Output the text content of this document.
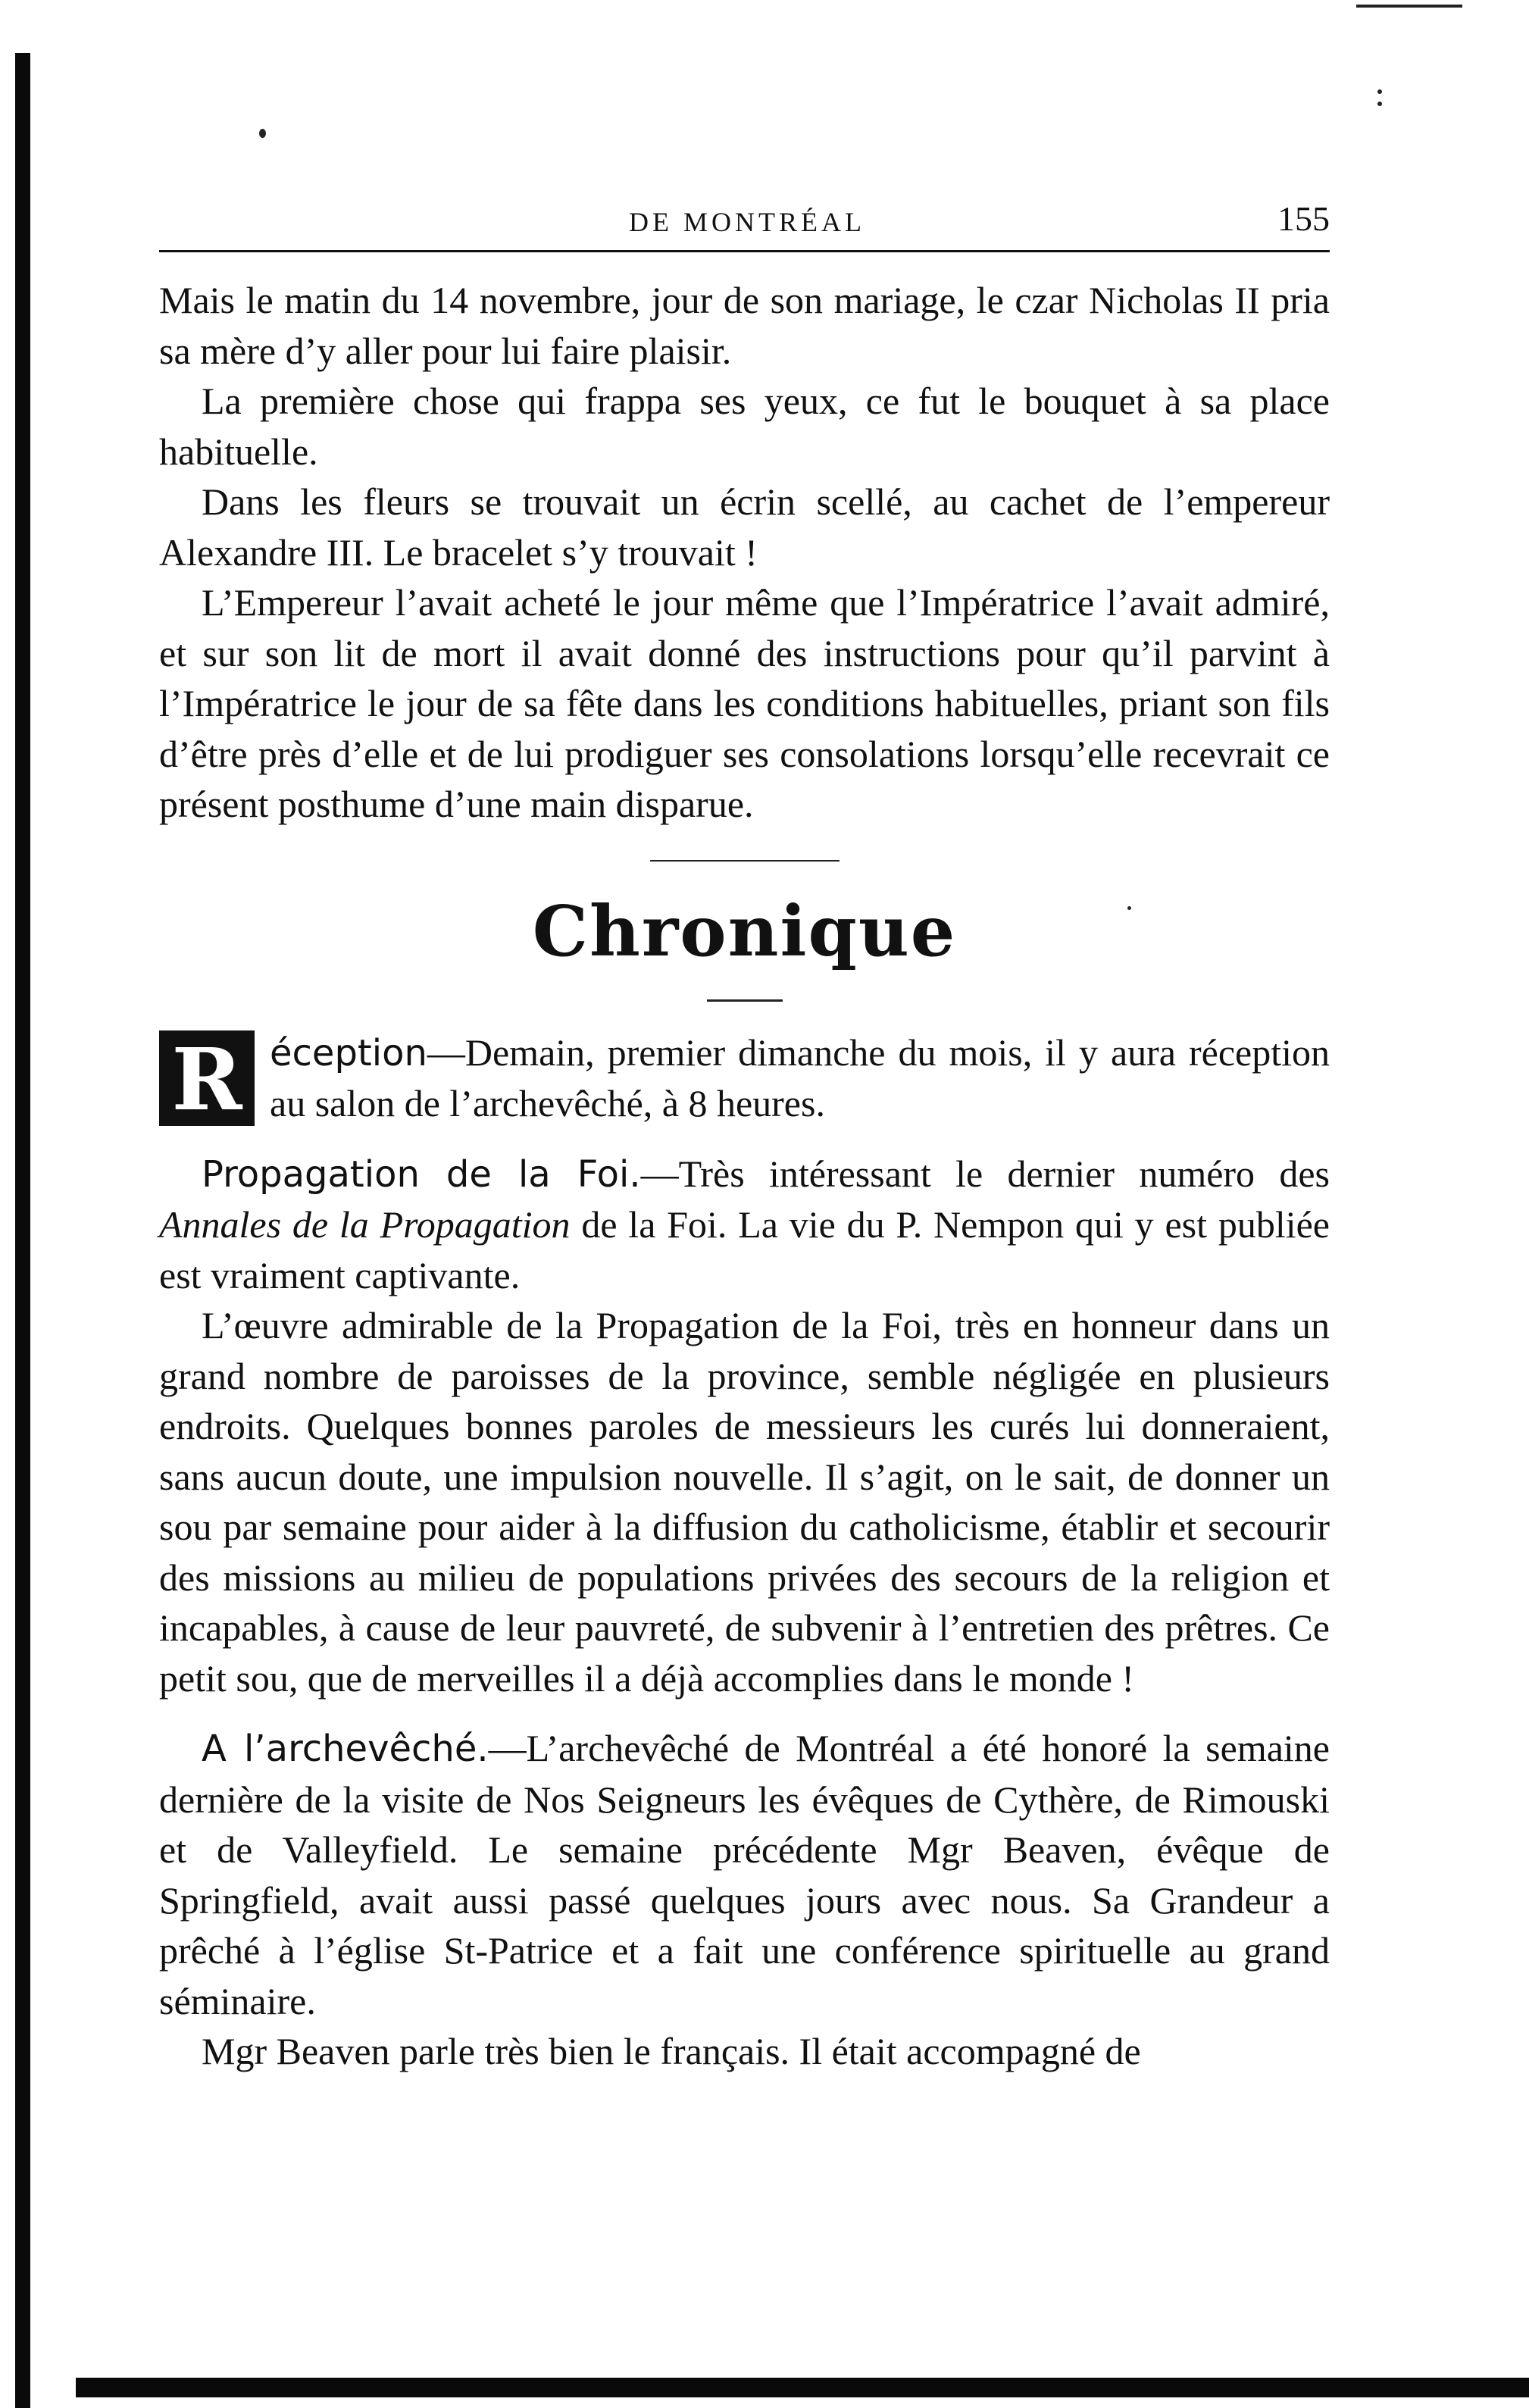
DE MONTRÉAL	155

Mais le matin du 14 novembre, jour de son mariage, le czar Nicholas II pria sa mère d’y aller pour lui faire plaisir.

La première chose qui frappa ses yeux, ce fut le bouquet à sa place habituelle.

Dans les fleurs se trouvait un écrin scellé, au cachet de l’empereur Alexandre III. Le bracelet s’y trouvait !

L’Empereur l’avait acheté le jour même que l’Impératrice l’avait admiré, et sur son lit de mort il avait donné des instructions pour qu’il parvint à l’Impératrice le jour de sa fête dans les conditions habituelles, priant son fils d’être près d’elle et de lui prodiguer ses consolations lorsqu’elle recevrait ce présent posthume d’une main disparue.

Chronique

R éception—Demain, premier dimanche du mois, il y aura réception au salon de l’archevêché, à 8 heures.

Propagation de la Foi.—Très intéressant le dernier numéro des Annales de la Propagation de la Foi. La vie du P. Nempon qui y est publiée est vraiment captivante.

L’œuvre admirable de la Propagation de la Foi, très en honneur dans un grand nombre de paroisses de la province, semble négligée en plusieurs endroits. Quelques bonnes paroles de messieurs les curés lui donneraient, sans aucun doute, une impulsion nouvelle. Il s’agit, on le sait, de donner un sou par semaine pour aider à la diffusion du catholicisme, établir et secourir des missions au milieu de populations privées des secours de la religion et incapables, à cause de leur pauvreté, de subvenir à l’entretien des prêtres. Ce petit sou, que de merveilles il a déjà accomplies dans le monde !

A l’archevêché.—L’archevêché de Montréal a été honoré la semaine dernière de la visite de Nos Seigneurs les évêques de Cythère, de Rimouski et de Valleyfield. Le semaine précédente Mgr Beaven, évêque de Springfield, avait aussi passé quelques jours avec nous. Sa Grandeur a prêché à l’église St-Patrice et a fait une conférence spirituelle au grand séminaire.

Mgr Beaven parle très bien le français. Il était accompagné de
